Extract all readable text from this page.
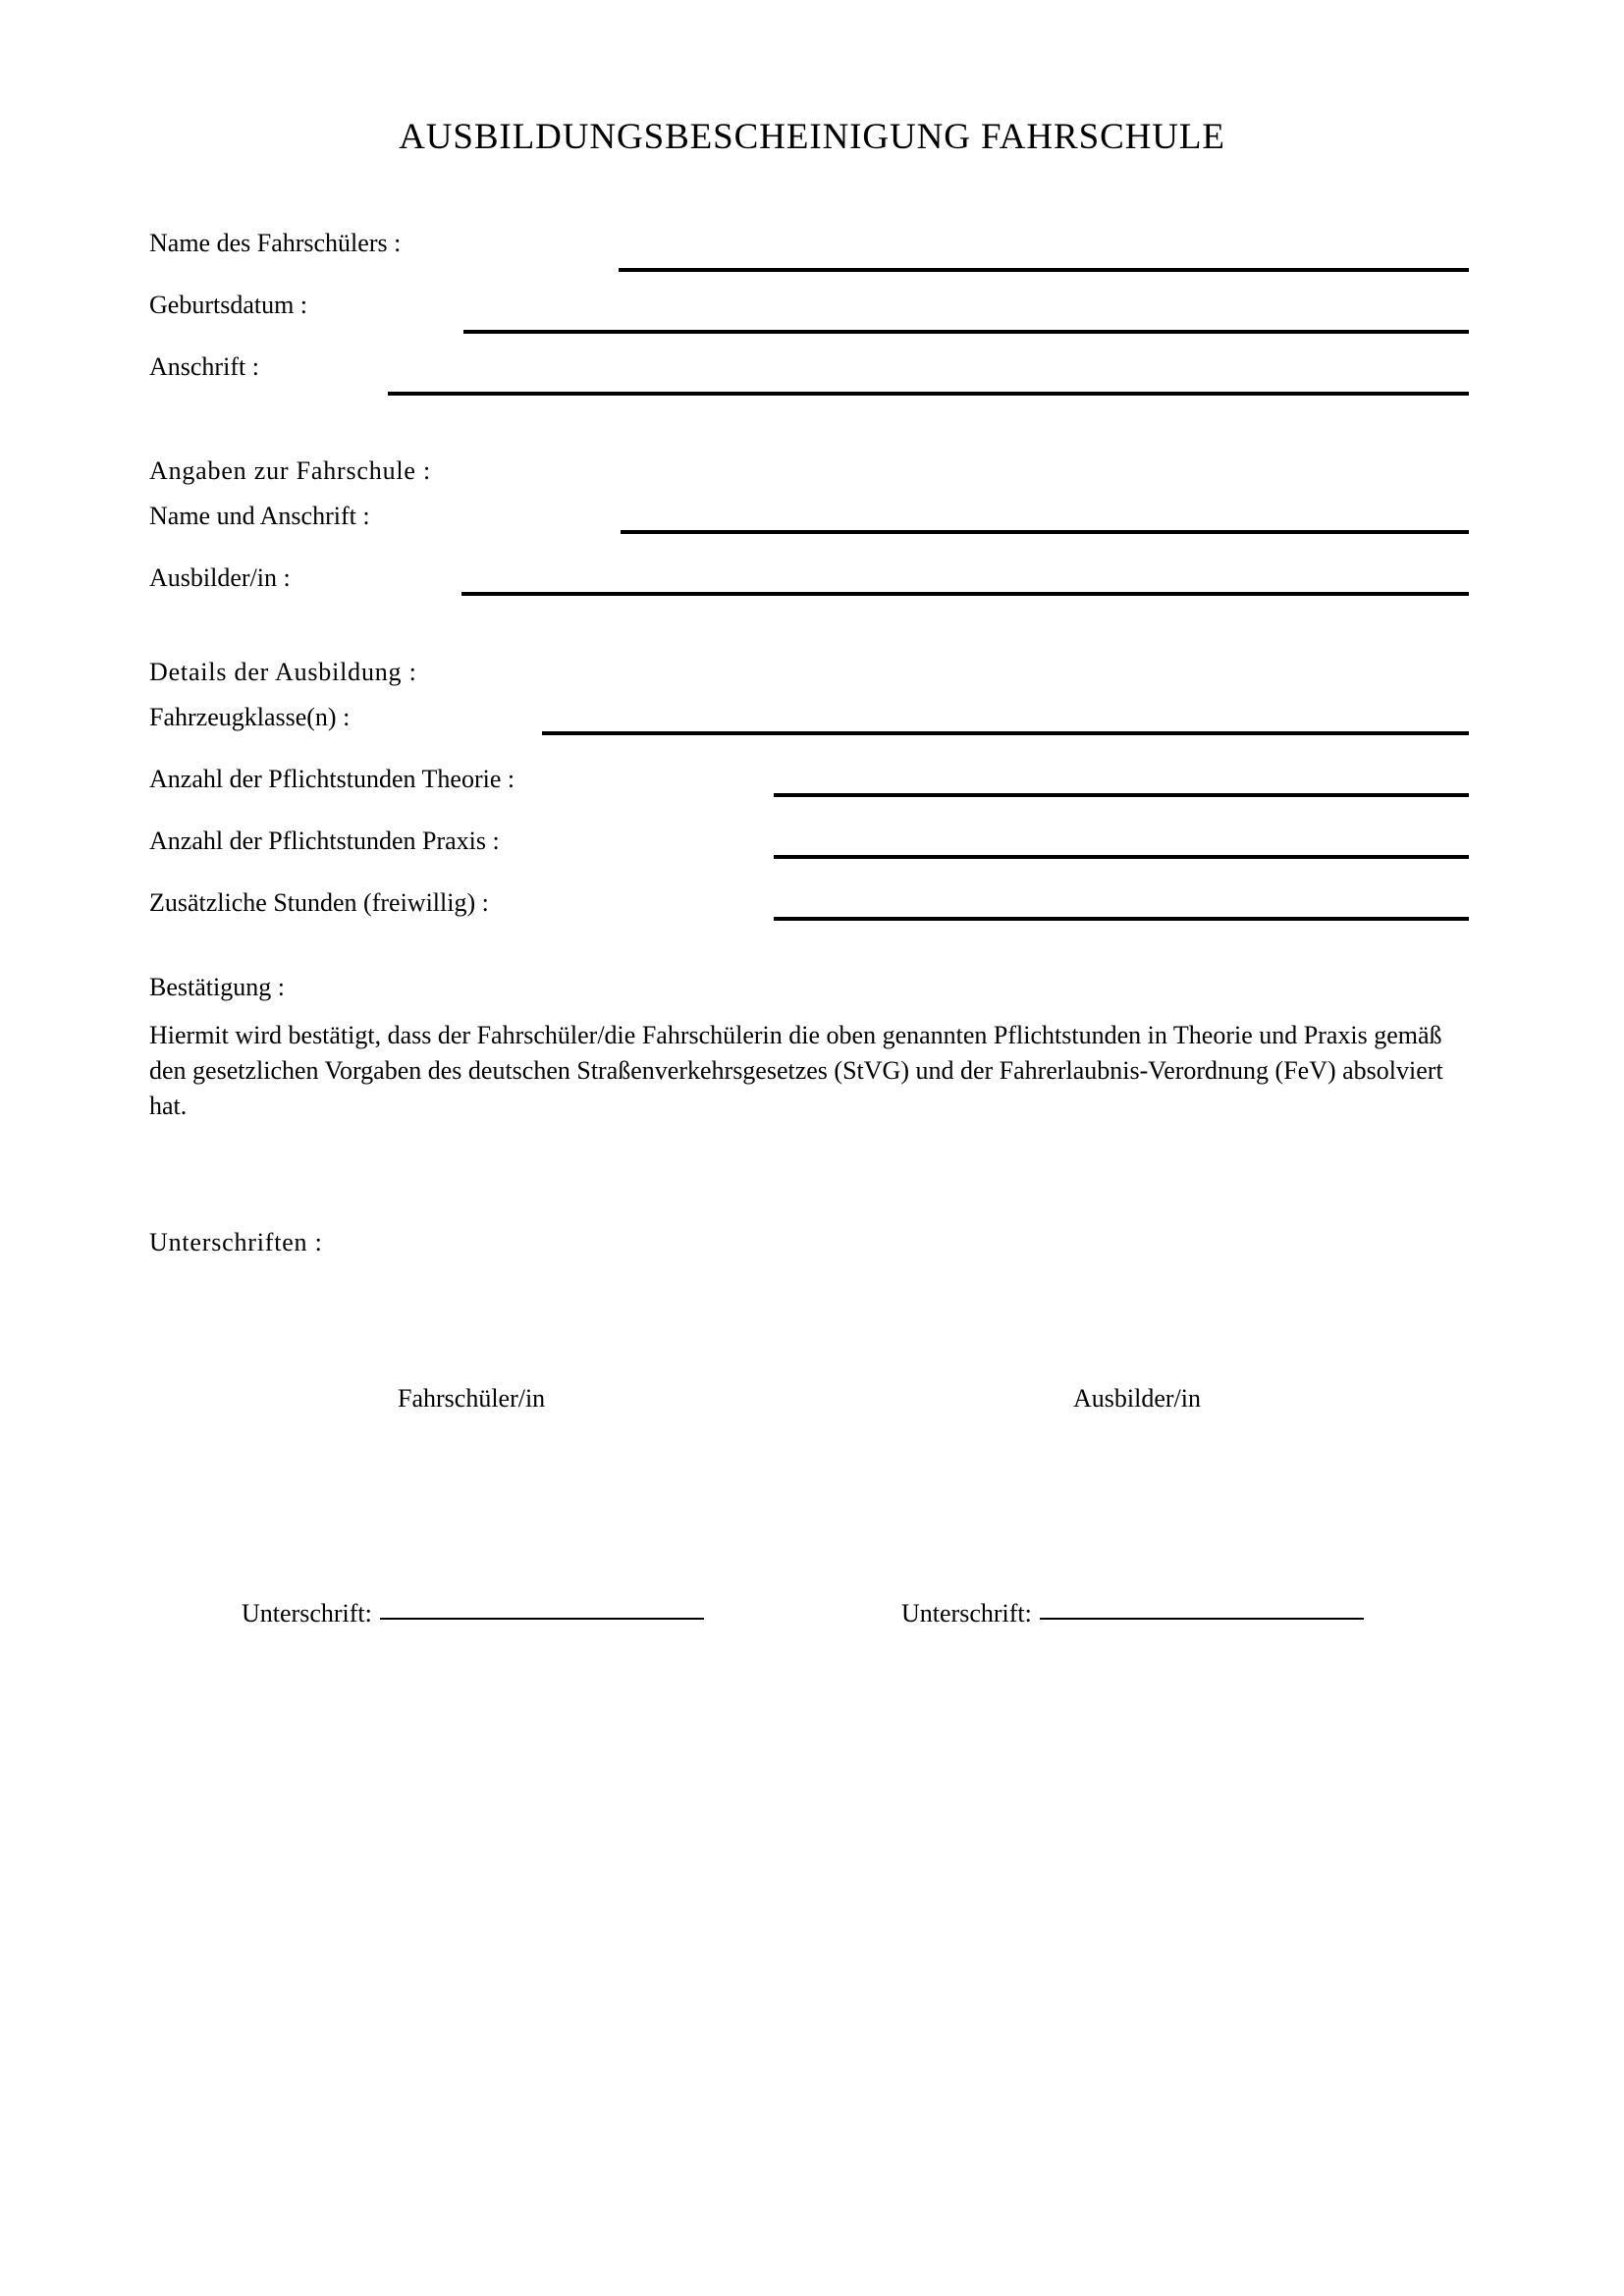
AUSBILDUNGSBESCHEINIGUNG FAHRSCHULE
Name des Fahrschülers :
Geburtsdatum :
Anschrift :
Angaben zur Fahrschule :
Name und Anschrift :
Ausbilder/in :
Details der Ausbildung :
Fahrzeugklasse(n) :
Anzahl der Pflichtstunden Theorie :
Anzahl der Pflichtstunden Praxis :
Zusätzliche Stunden (freiwillig) :
Bestätigung :
Hiermit wird bestätigt, dass der Fahrschüler/die Fahrschülerin die oben genannten Pflichtstunden in Theorie und Praxis gemäß den gesetzlichen Vorgaben des deutschen Straßenverkehrsgesetzes (StVG) und der Fahrerlaubnis-Verordnung (FeV) absolviert hat.
Unterschriften :
Fahrschüler/in	Ausbilder/in
Unterschrift:	Unterschrift:
